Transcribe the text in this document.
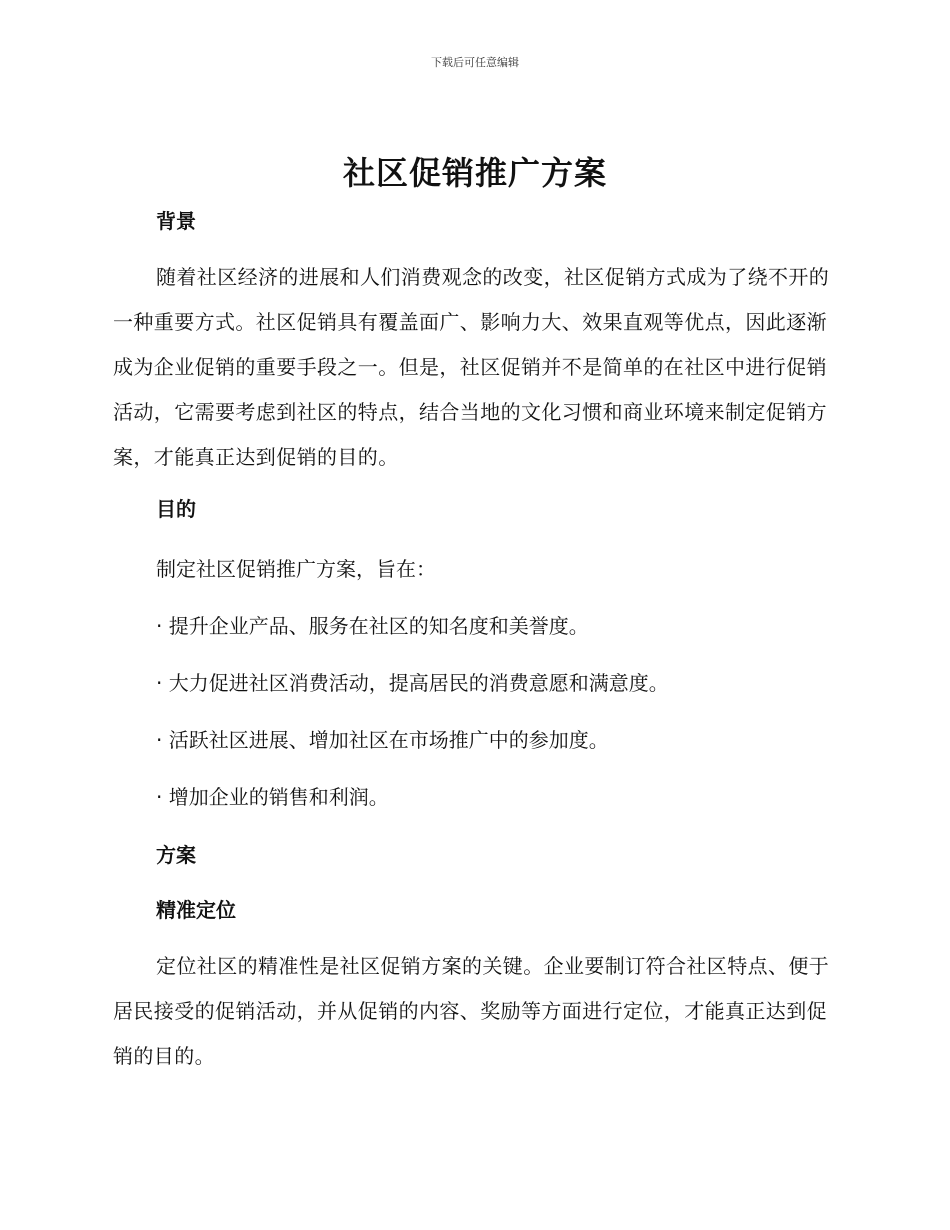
下载后可任意编辑
社区促销推广方案

背景

随着社区经济的进展和人们消费观念的改变，社区促销方式成为了绕不开的一种重要方式。社区促销具有覆盖面广、影响力大、效果直观等优点，因此逐渐成为企业促销的重要手段之一。但是，社区促销并不是简单的在社区中进行促销活动，它需要考虑到社区的特点，结合当地的文化习惯和商业环境来制定促销方案，才能真正达到促销的目的。

目的

制定社区促销推广方案，旨在：

· 提升企业产品、服务在社区的知名度和美誉度。

· 大力促进社区消费活动，提高居民的消费意愿和满意度。

· 活跃社区进展、增加社区在市场推广中的参加度。

· 增加企业的销售和利润。

方案

精准定位

定位社区的精准性是社区促销方案的关键。企业要制订符合社区特点、便于居民接受的促销活动，并从促销的内容、奖励等方面进行定位，才能真正达到促销的目的。
